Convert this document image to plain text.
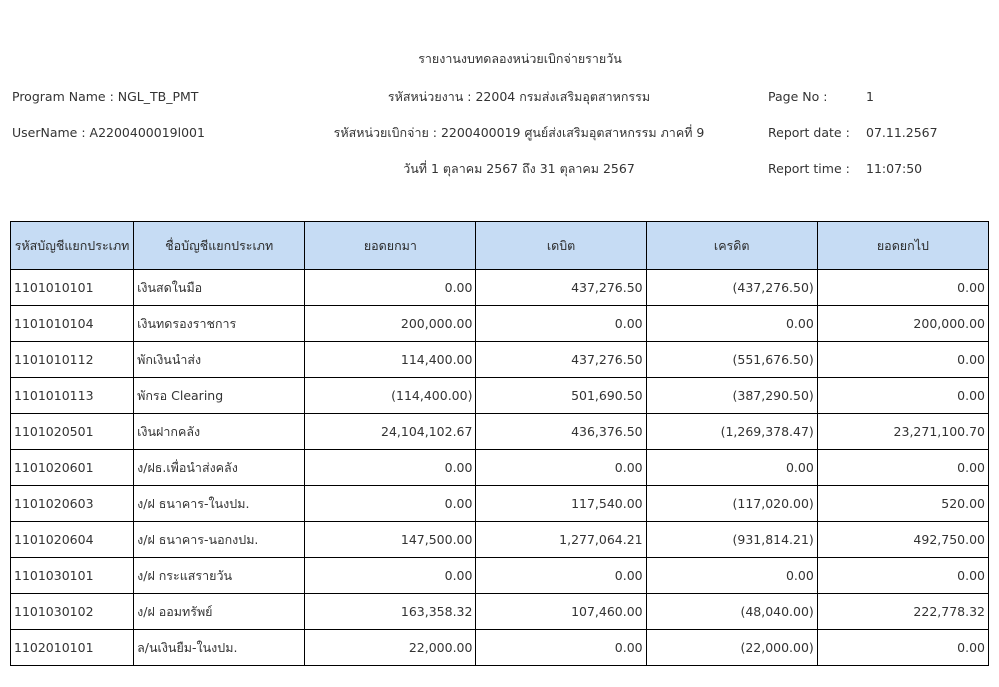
รายงานงบทดลองหน่วยเบิกจ่ายรายวัน
Program Name : NGL_TB_PMT
UserName : A2200400019l001
รหัสหน่วยงาน : 22004 กรมส่งเสริมอุตสาหกรรม
รหัสหน่วยเบิกจ่าย : 2200400019 ศูนย์ส่งเสริมอุตสาหกรรม ภาคที่ 9
วันที่ 1 ตุลาคม 2567 ถึง 31 ตุลาคม 2567
Page No :	1
Report date : 07.11.2567
Report time : 11:07:50
รหัสบัญชีแยกประเภท	ชื่อบัญชีแยกประเภท	ยอดยกมา	เดบิต	เครดิต	ยอดยกไป
1101010101	เงินสดในมือ	0.00	437,276.50	(437,276.50)	0.00
1101010104	เงินทดรองราชการ	200,000.00	0.00	0.00	200,000.00
1101010112	พักเงินนำส่ง	114,400.00	437,276.50	(551,676.50)	0.00
1101010113	พักรอ Clearing	(114,400.00)	501,690.50	(387,290.50)	0.00
1101020501	เงินฝากคลัง	24,104,102.67	436,376.50	(1,269,378.47)	23,271,100.70
1101020601	ง/ฝธ.เพื่อนำส่งคลัง	0.00	0.00	0.00	0.00
1101020603	ง/ฝ ธนาคาร-ในงปม.	0.00	117,540.00	(117,020.00)	520.00
1101020604	ง/ฝ ธนาคาร-นอกงปม.	147,500.00	1,277,064.21	(931,814.21)	492,750.00
1101030101	ง/ฝ กระแสรายวัน	0.00	0.00	0.00	0.00
1101030102	ง/ฝ ออมทรัพย์	163,358.32	107,460.00	(48,040.00)	222,778.32
1102010101	ล/นเงินยืม-ในงปม.	22,000.00	0.00	(22,000.00)	0.00
